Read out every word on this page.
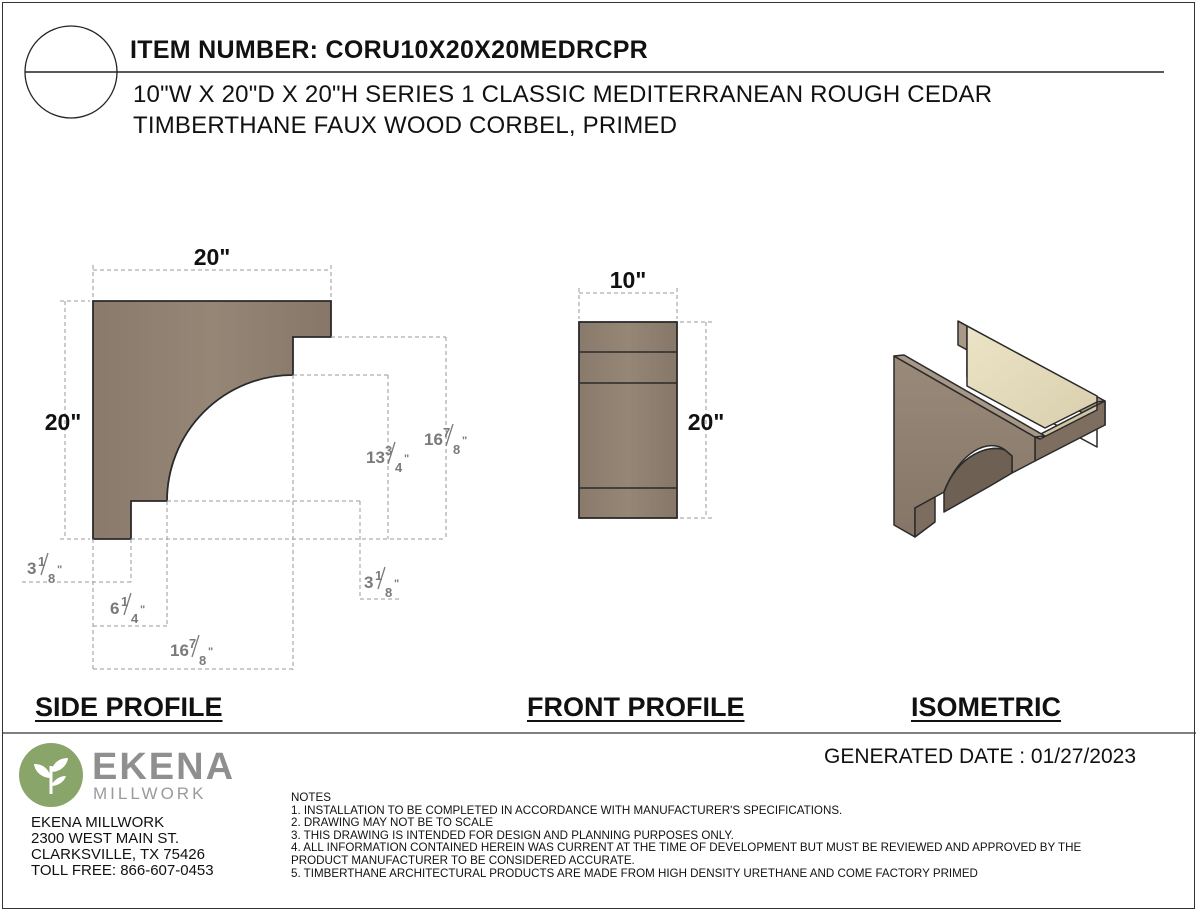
ITEM NUMBER: CORU10X20X20MEDRCPR
10"W X 20"D X 20"H SERIES 1 CLASSIC MEDITERRANEAN ROUGH CEDAR
TIMBERTHANE FAUX WOOD CORBEL, PRIMED
20"
20"
13 3
4
"
16 7
8
"
3 1
8
"
3 1
8
"
6 1
4
"
16 7
8
"
10"
20"
SIDE PROFILE	FRONT PROFILE	ISOMETRIC
EKENA
MILLWORK
EKENA MILLWORK
2300 WEST MAIN ST.
CLARKSVILLE, TX 75426
TOLL FREE: 866-607-0453
GENERATED DATE : 01/27/2023
NOTES
1. INSTALLATION TO BE COMPLETED IN ACCORDANCE WITH MANUFACTURER'S SPECIFICATIONS.
2. DRAWING MAY NOT BE TO SCALE
3. THIS DRAWING IS INTENDED FOR DESIGN AND PLANNING PURPOSES ONLY.
4. ALL INFORMATION CONTAINED HEREIN WAS CURRENT AT THE TIME OF DEVELOPMENT BUT MUST BE REVIEWED AND APPROVED BY THE
PRODUCT MANUFACTURER TO BE CONSIDERED ACCURATE.
5. TIMBERTHANE ARCHITECTURAL PRODUCTS ARE MADE FROM HIGH DENSITY URETHANE AND COME FACTORY PRIMED
